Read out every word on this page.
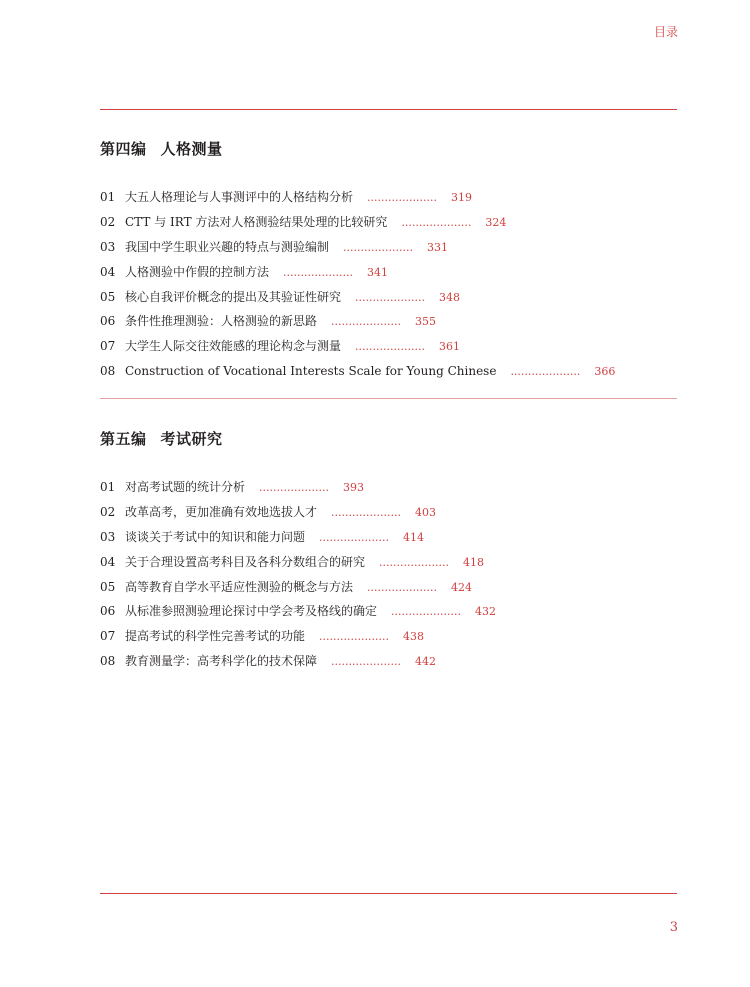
目录
第四编 人格测量
01 大五人格理论与人事测评中的人格结构分析 .................... 319
02 CTT 与 IRT 方法对人格测验结果处理的比较研究 .................... 324
03 我国中学生职业兴趣的特点与测验编制 .................... 331
04 人格测验中作假的控制方法 .................... 341
05 核心自我评价概念的提出及其验证性研究 .................... 348
06 条件性推理测验：人格测验的新思路 .................... 355
07 大学生人际交往效能感的理论构念与测量 .................... 361
08 Construction of Vocational Interests Scale for Young Chinese .................... 366
第五编 考试研究
01 对高考试题的统计分析 .................... 393
02 改革高考，更加准确有效地选拔人才 .................... 403
03 谈谈关于考试中的知识和能力问题 .................... 414
04 关于合理设置高考科目及各科分数组合的研究 .................... 418
05 高等教育自学水平适应性测验的概念与方法 .................... 424
06 从标准参照测验理论探讨中学会考及格线的确定 .................... 432
07 提高考试的科学性完善考试的功能 .................... 438
08 教育测量学：高考科学化的技术保障 .................... 442
3
